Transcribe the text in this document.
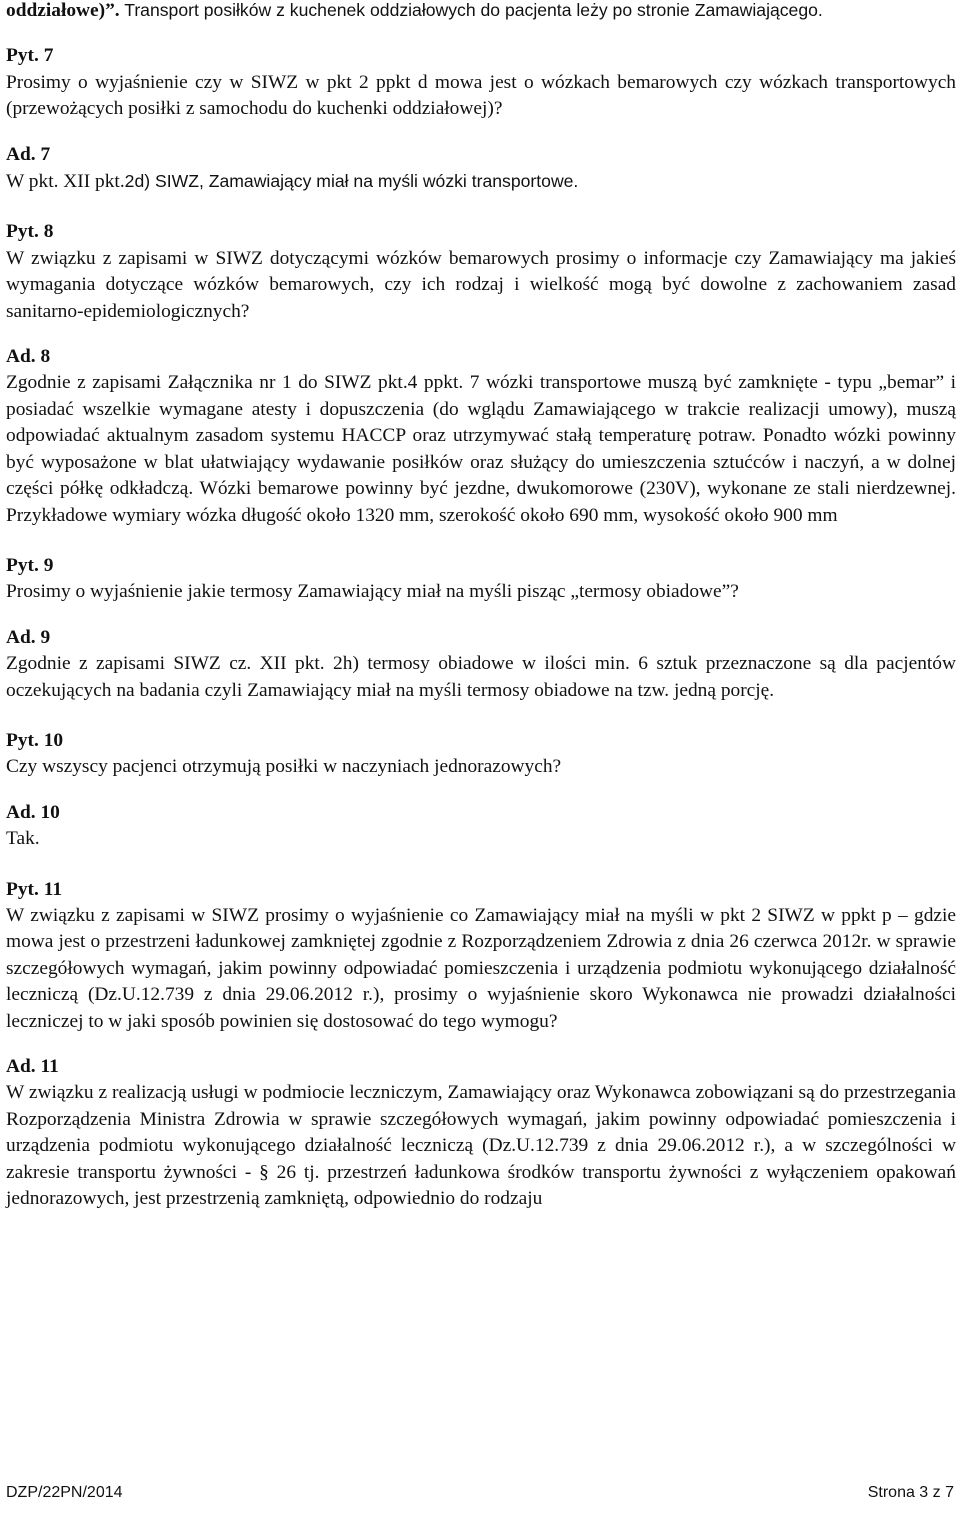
oddziałowe)”. Transport posiłków z kuchenek oddziałowych do pacjenta leży po stronie Zamawiającego.

Pyt. 7

Prosimy o wyjaśnienie czy w SIWZ w pkt 2 ppkt d mowa jest o wózkach bemarowych czy wózkach transportowych (przewożących posiłki z samochodu do kuchenki oddziałowej)?

Ad. 7

W pkt. XII pkt.2d) SIWZ, Zamawiający miał na myśli wózki transportowe.

Pyt. 8

W związku z zapisami w SIWZ dotyczącymi wózków bemarowych prosimy o informacje czy Zamawiający ma jakieś wymagania dotyczące wózków bemarowych, czy ich rodzaj i wielkość mogą być dowolne z zachowaniem zasad sanitarno-epidemiologicznych?

Ad. 8

Zgodnie z zapisami Załącznika nr 1 do SIWZ pkt.4 ppkt. 7 wózki transportowe muszą być zamknięte - typu „bemar” i posiadać wszelkie wymagane atesty i dopuszczenia (do wglądu Zamawiającego w trakcie realizacji umowy), muszą odpowiadać aktualnym zasadom systemu HACCP oraz utrzymywać stałą temperaturę potraw. Ponadto wózki powinny być wyposażone w blat ułatwiający wydawanie posiłków oraz służący do umieszczenia sztućców i naczyń, a w dolnej części półkę odkładczą. Wózki bemarowe powinny być jezdne, dwukomorowe (230V), wykonane ze stali nierdzewnej. Przykładowe wymiary wózka długość około 1320 mm, szerokość około 690 mm, wysokość około 900 mm

Pyt. 9

Prosimy o wyjaśnienie jakie termosy Zamawiający miał na myśli pisząc „termosy obiadowe”?

Ad. 9

Zgodnie z zapisami SIWZ cz. XII pkt. 2h) termosy obiadowe w ilości min. 6 sztuk przeznaczone są dla pacjentów oczekujących na badania czyli Zamawiający miał na myśli termosy obiadowe na tzw. jedną porcję.

Pyt. 10

Czy wszyscy pacjenci otrzymują posiłki w naczyniach jednorazowych?

Ad. 10

Tak.

Pyt. 11

W związku z zapisami w SIWZ prosimy o wyjaśnienie co Zamawiający miał na myśli w pkt 2 SIWZ w ppkt p – gdzie mowa jest o przestrzeni ładunkowej zamkniętej zgodnie z Rozporządzeniem Zdrowia z dnia 26 czerwca 2012r. w sprawie szczegółowych wymagań, jakim powinny odpowiadać pomieszczenia i urządzenia podmiotu wykonującego działalność leczniczą (Dz.U.12.739 z dnia 29.06.2012 r.), prosimy o wyjaśnienie skoro Wykonawca nie prowadzi działalności leczniczej to w jaki sposób powinien się dostosować do tego wymogu?

Ad. 11

W związku z realizacją usługi w podmiocie leczniczym, Zamawiający oraz Wykonawca zobowiązani są do przestrzegania Rozporządzenia Ministra Zdrowia w sprawie szczegółowych wymagań, jakim powinny odpowiadać pomieszczenia i urządzenia podmiotu wykonującego działalność leczniczą (Dz.U.12.739 z dnia 29.06.2012 r.), a w szczególności w zakresie transportu żywności - § 26 tj. przestrzeń ładunkowa środków transportu żywności z wyłączeniem opakowań jednorazowych, jest przestrzenią zamkniętą, odpowiednio do rodzaju

DZP/22PN/2014	Strona 3 z 7
